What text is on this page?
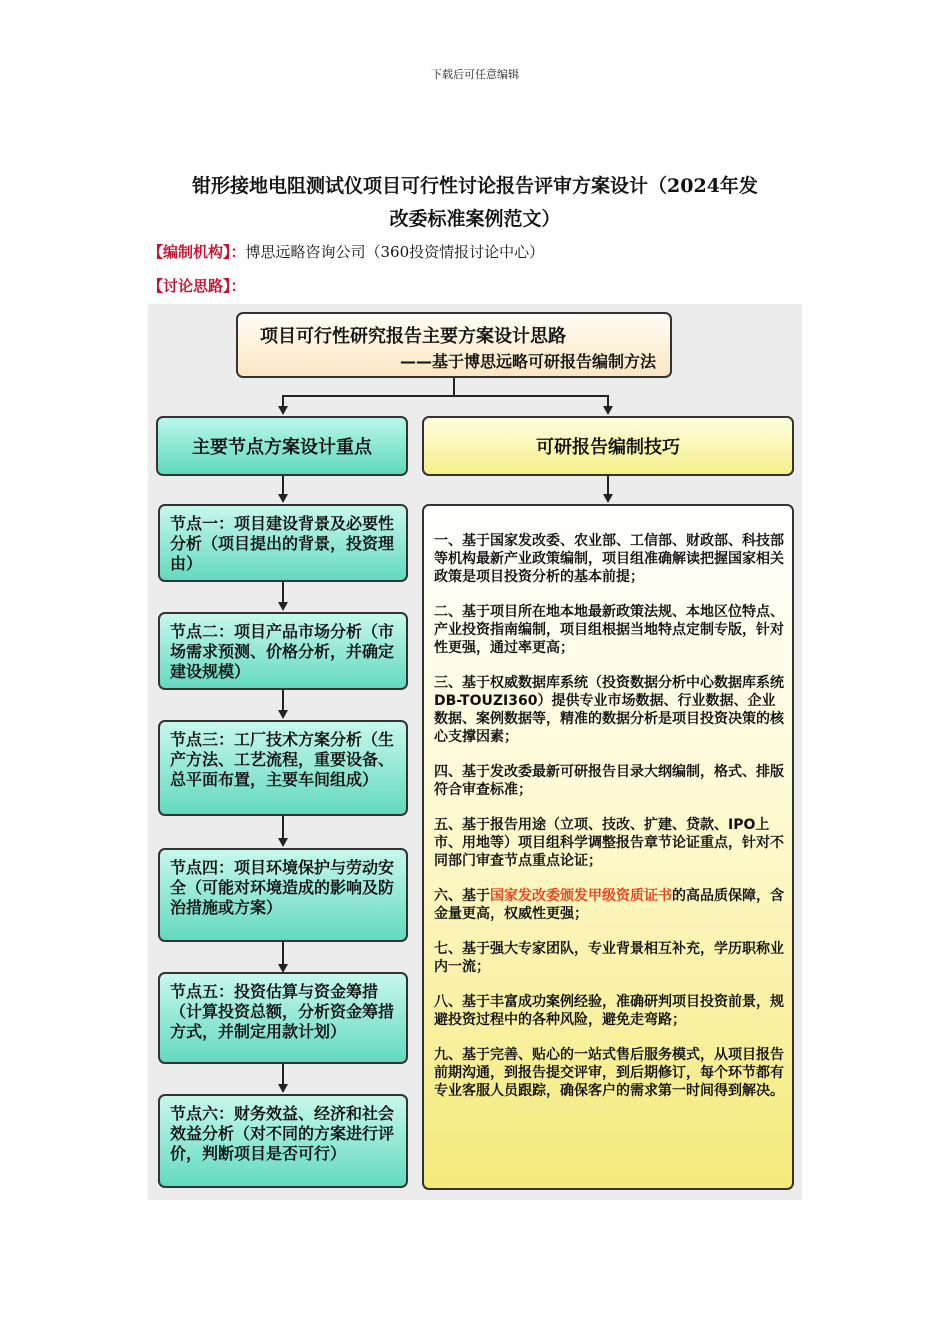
下载后可任意编辑
钳形接地电阻测试仪项目可行性讨论报告评审方案设计（2024年发
改委标准案例范文）
【编制机构】：博思远略咨询公司（360投资情报讨论中心）
【讨论思路】：
项目可行性研究报告主要方案设计思路
——基于博思远略可研报告编制方法
主要节点方案设计重点	可研报告编制技巧
节点一：项目建设背景及必要性分析（项目提出的背景，投资理由）
节点二：项目产品市场分析（市场需求预测、价格分析，并确定建设规模）
节点三：工厂技术方案分析（生产方法、工艺流程，重要设备、总平面布置，主要车间组成）
节点四：项目环境保护与劳动安全（可能对环境造成的影响及防治措施或方案）
节点五：投资估算与资金筹措（计算投资总额，分析资金筹措方式，并制定用款计划）
节点六：财务效益、经济和社会效益分析（对不同的方案进行评价，判断项目是否可行）

一、基于国家发改委、农业部、工信部、财政部、科技部等机构最新产业政策编制，项目组准确解读把握国家相关政策是项目投资分析的基本前提；

二、基于项目所在地本地最新政策法规、本地区位特点、产业投资指南编制，项目组根据当地特点定制专版，针对性更强，通过率更高；

三、基于权威数据库系统（投资数据分析中心数据库系统DB-TOUZI360）提供专业市场数据、行业数据、企业数据、案例数据等，精准的数据分析是项目投资决策的核心支撑因素；

四、基于发改委最新可研报告目录大纲编制，格式、排版符合审查标准；

五、基于报告用途（立项、技改、扩建、贷款、IPO上市、用地等）项目组科学调整报告章节论证重点，针对不同部门审查节点重点论证；

六、基于国家发改委颁发甲级资质证书的高品质保障，含金量更高，权威性更强；

七、基于强大专家团队，专业背景相互补充，学历职称业内一流；

八、基于丰富成功案例经验，准确研判项目投资前景，规避投资过程中的各种风险，避免走弯路；

九、基于完善、贴心的一站式售后服务模式，从项目报告前期沟通，到报告提交评审，到后期修订，每个环节都有专业客服人员跟踪，确保客户的需求第一时间得到解决。
